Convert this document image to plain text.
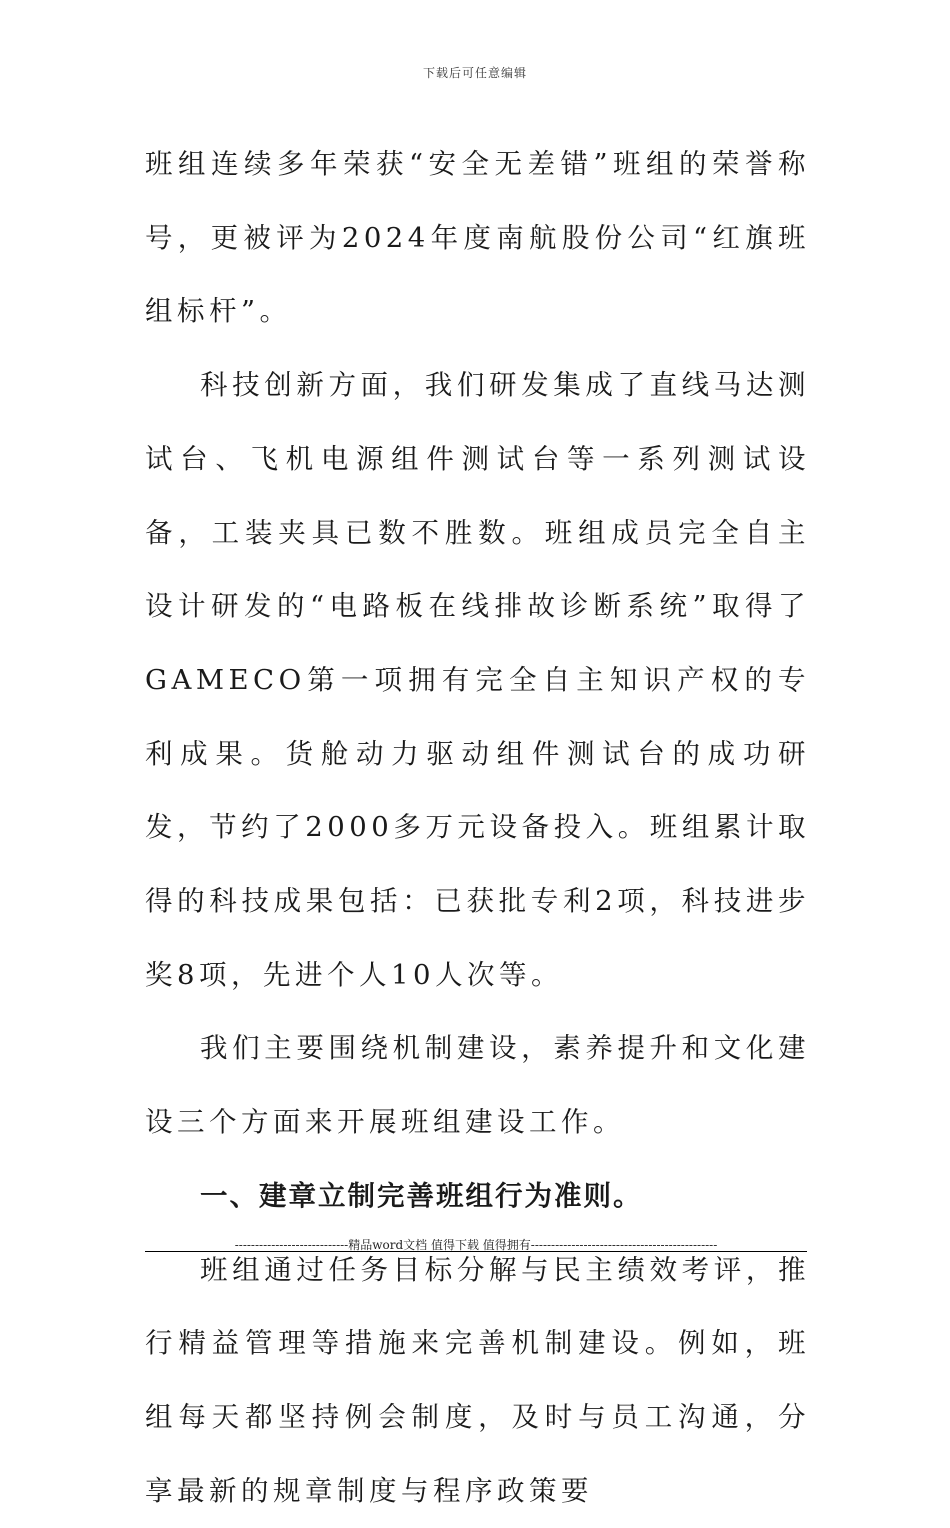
下载后可任意编辑

班组连续多年荣获“安全无差错”班组的荣誉称号，更被评为2024年度南航股份公司“红旗班组标杆”。

科技创新方面，我们研发集成了直线马达测试台、飞机电源组件测试台等一系列测试设备，工装夹具已数不胜数。班组成员完全自主设计研发的“电路板在线排故诊断系统”取得了GAMECO第一项拥有完全自主知识产权的专利成果。货舱动力驱动组件测试台的成功研发，节约了2000多万元设备投入。班组累计取得的科技成果包括：已获批专利2项，科技进步奖8项，先进个人10人次等。

我们主要围绕机制建设，素养提升和文化建设三个方面来开展班组建设工作。

一、建章立制完善班组行为准则。

班组通过任务目标分解与民主绩效考评，推行精益管理等措施来完善机制建设。例如，班组每天都坚持例会制度，及时与员工沟通，分享最新的规章制度与程序政策要

----------------------------精品word文档 值得下载 值得拥有----------------------------------------------
